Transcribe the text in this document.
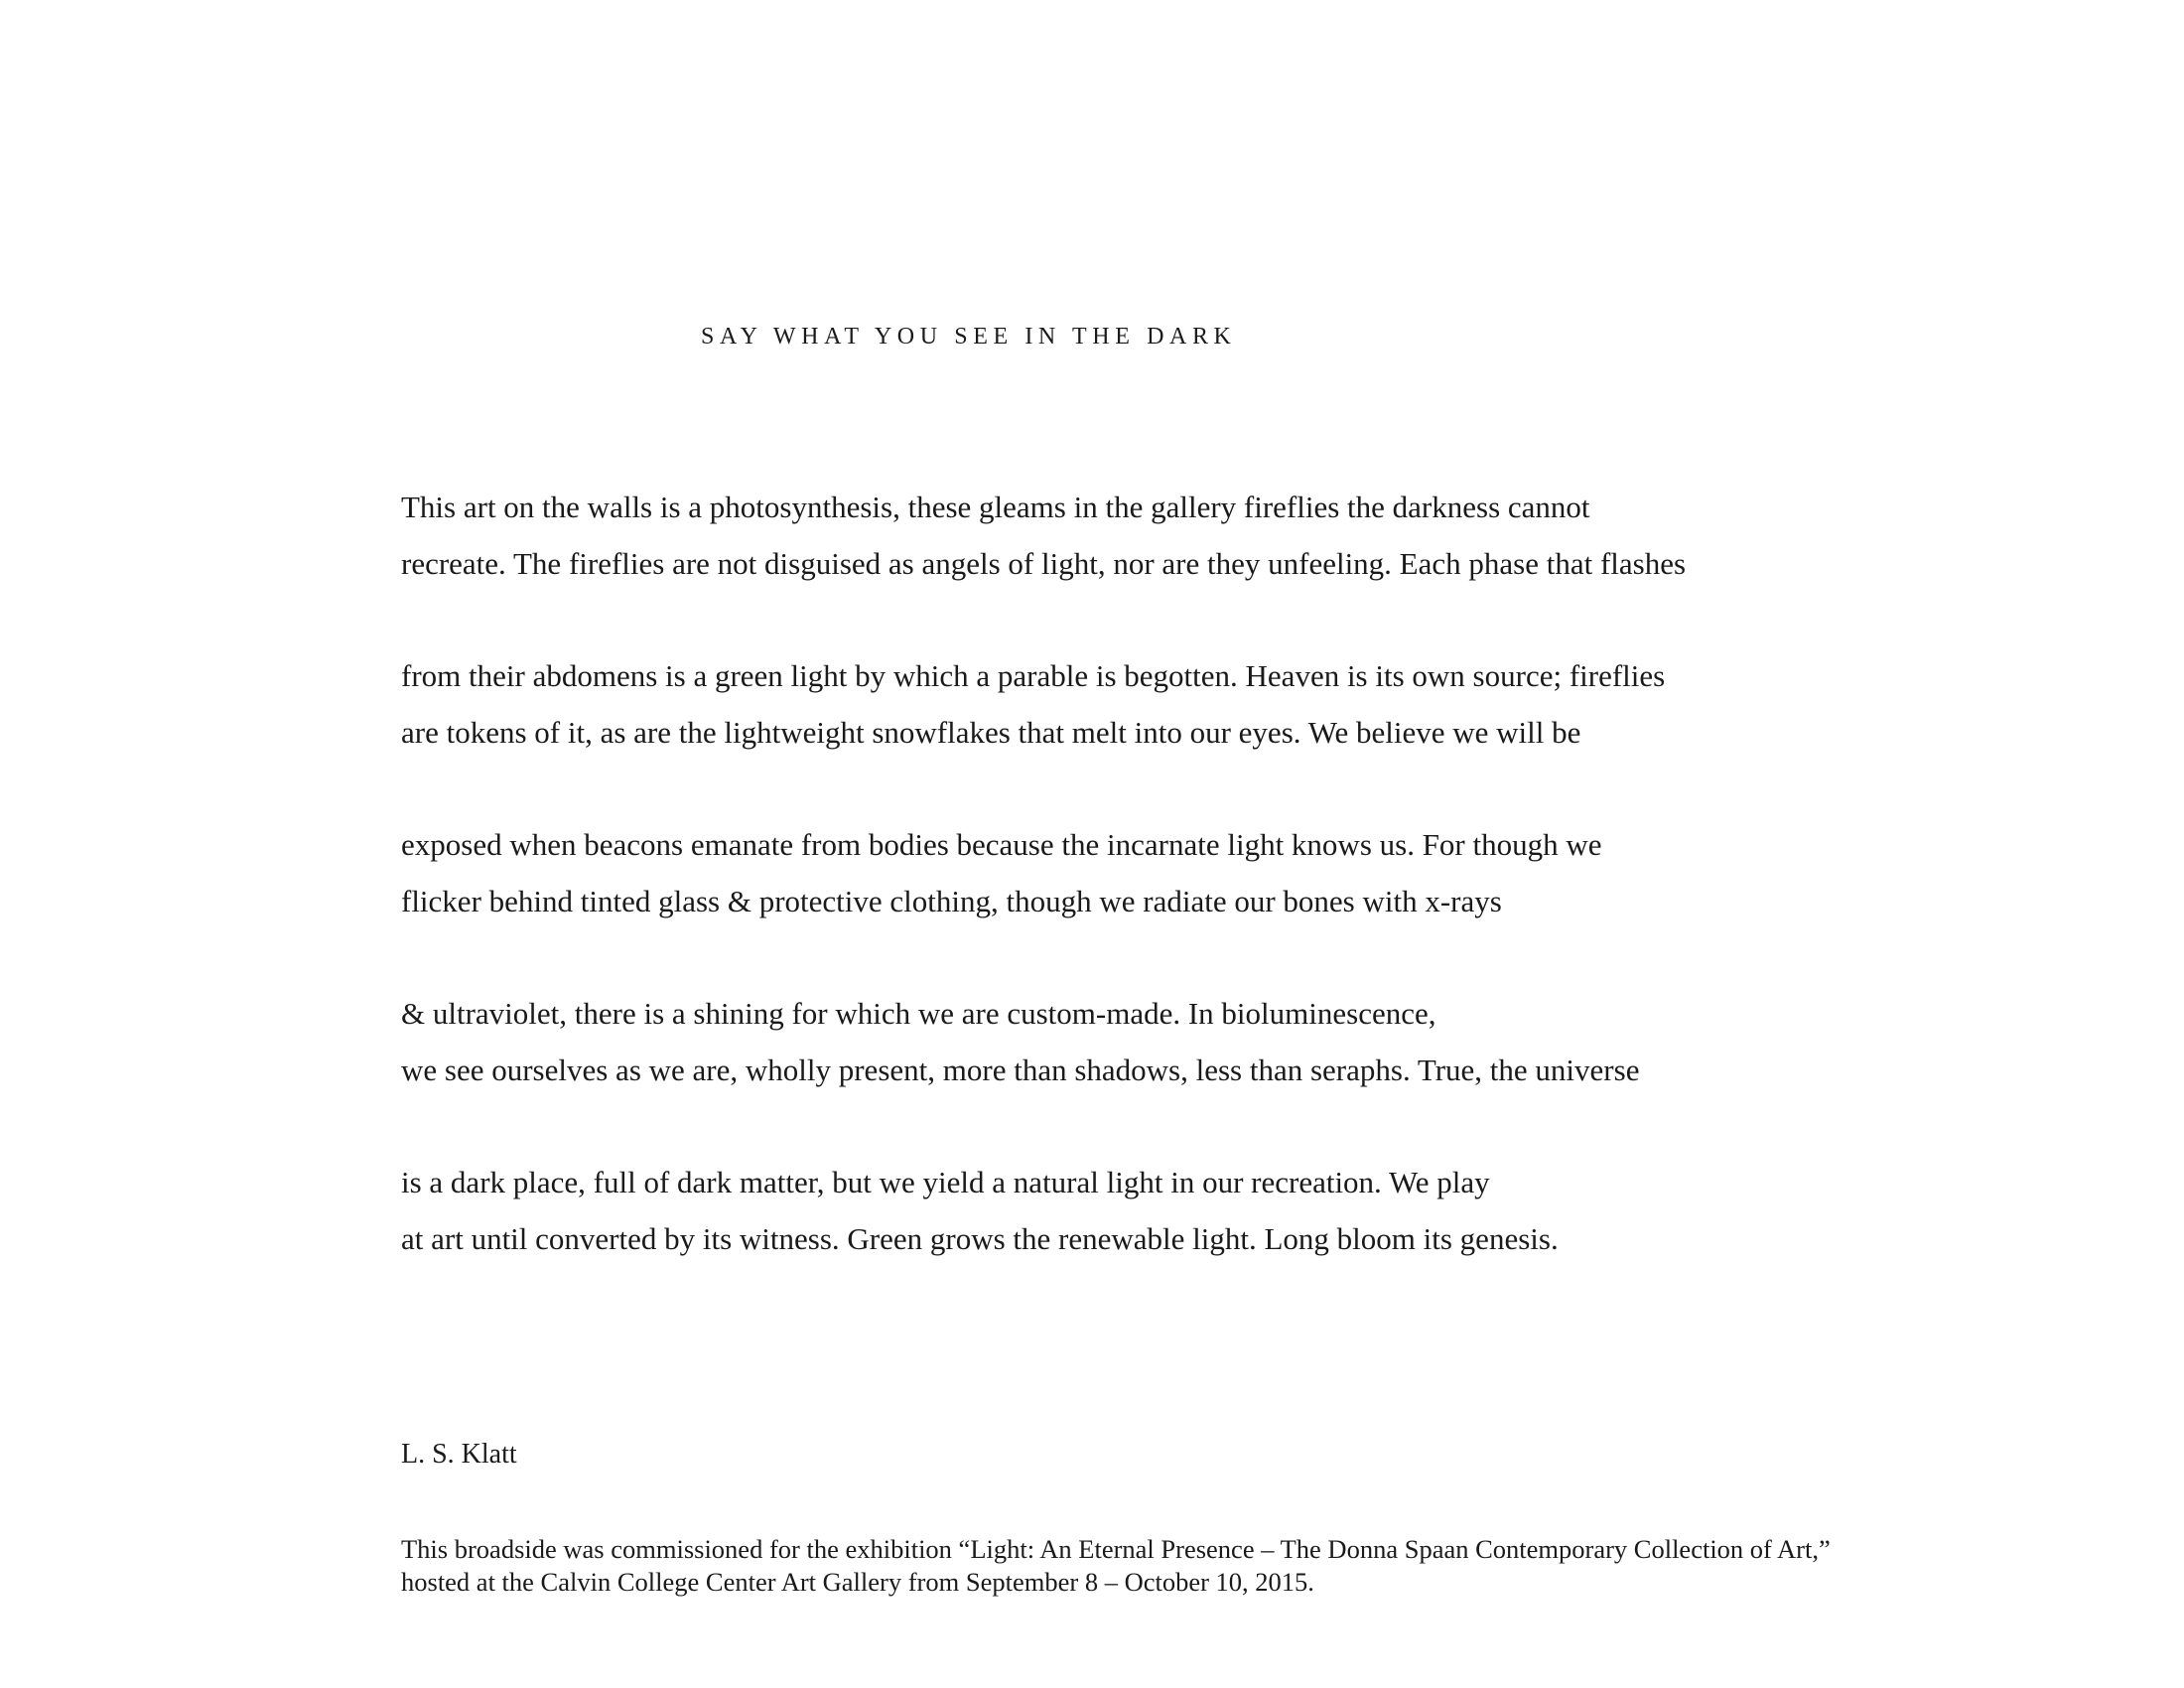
SAY WHAT YOU SEE IN THE DARK
This art on the walls is a photosynthesis, these gleams in the gallery fireflies the darkness cannot
recreate. The fireflies are not disguised as angels of light, nor are they unfeeling. Each phase that flashes
from their abdomens is a green light by which a parable is begotten. Heaven is its own source; fireflies
are tokens of it, as are the lightweight snowflakes that melt into our eyes. We believe we will be
exposed when beacons emanate from bodies because the incarnate light knows us. For though we
flicker behind tinted glass & protective clothing, though we radiate our bones with x-rays
& ultraviolet, there is a shining for which we are custom-made. In bioluminescence,
we see ourselves as we are, wholly present, more than shadows, less than seraphs. True, the universe
is a dark place, full of dark matter, but we yield a natural light in our recreation. We play
at art until converted by its witness. Green grows the renewable light. Long bloom its genesis.
L. S. Klatt
This broadside was commissioned for the exhibition “Light: An Eternal Presence – The Donna Spaan Contemporary Collection of Art,”
hosted at the Calvin College Center Art Gallery from September 8 – October 10, 2015.
